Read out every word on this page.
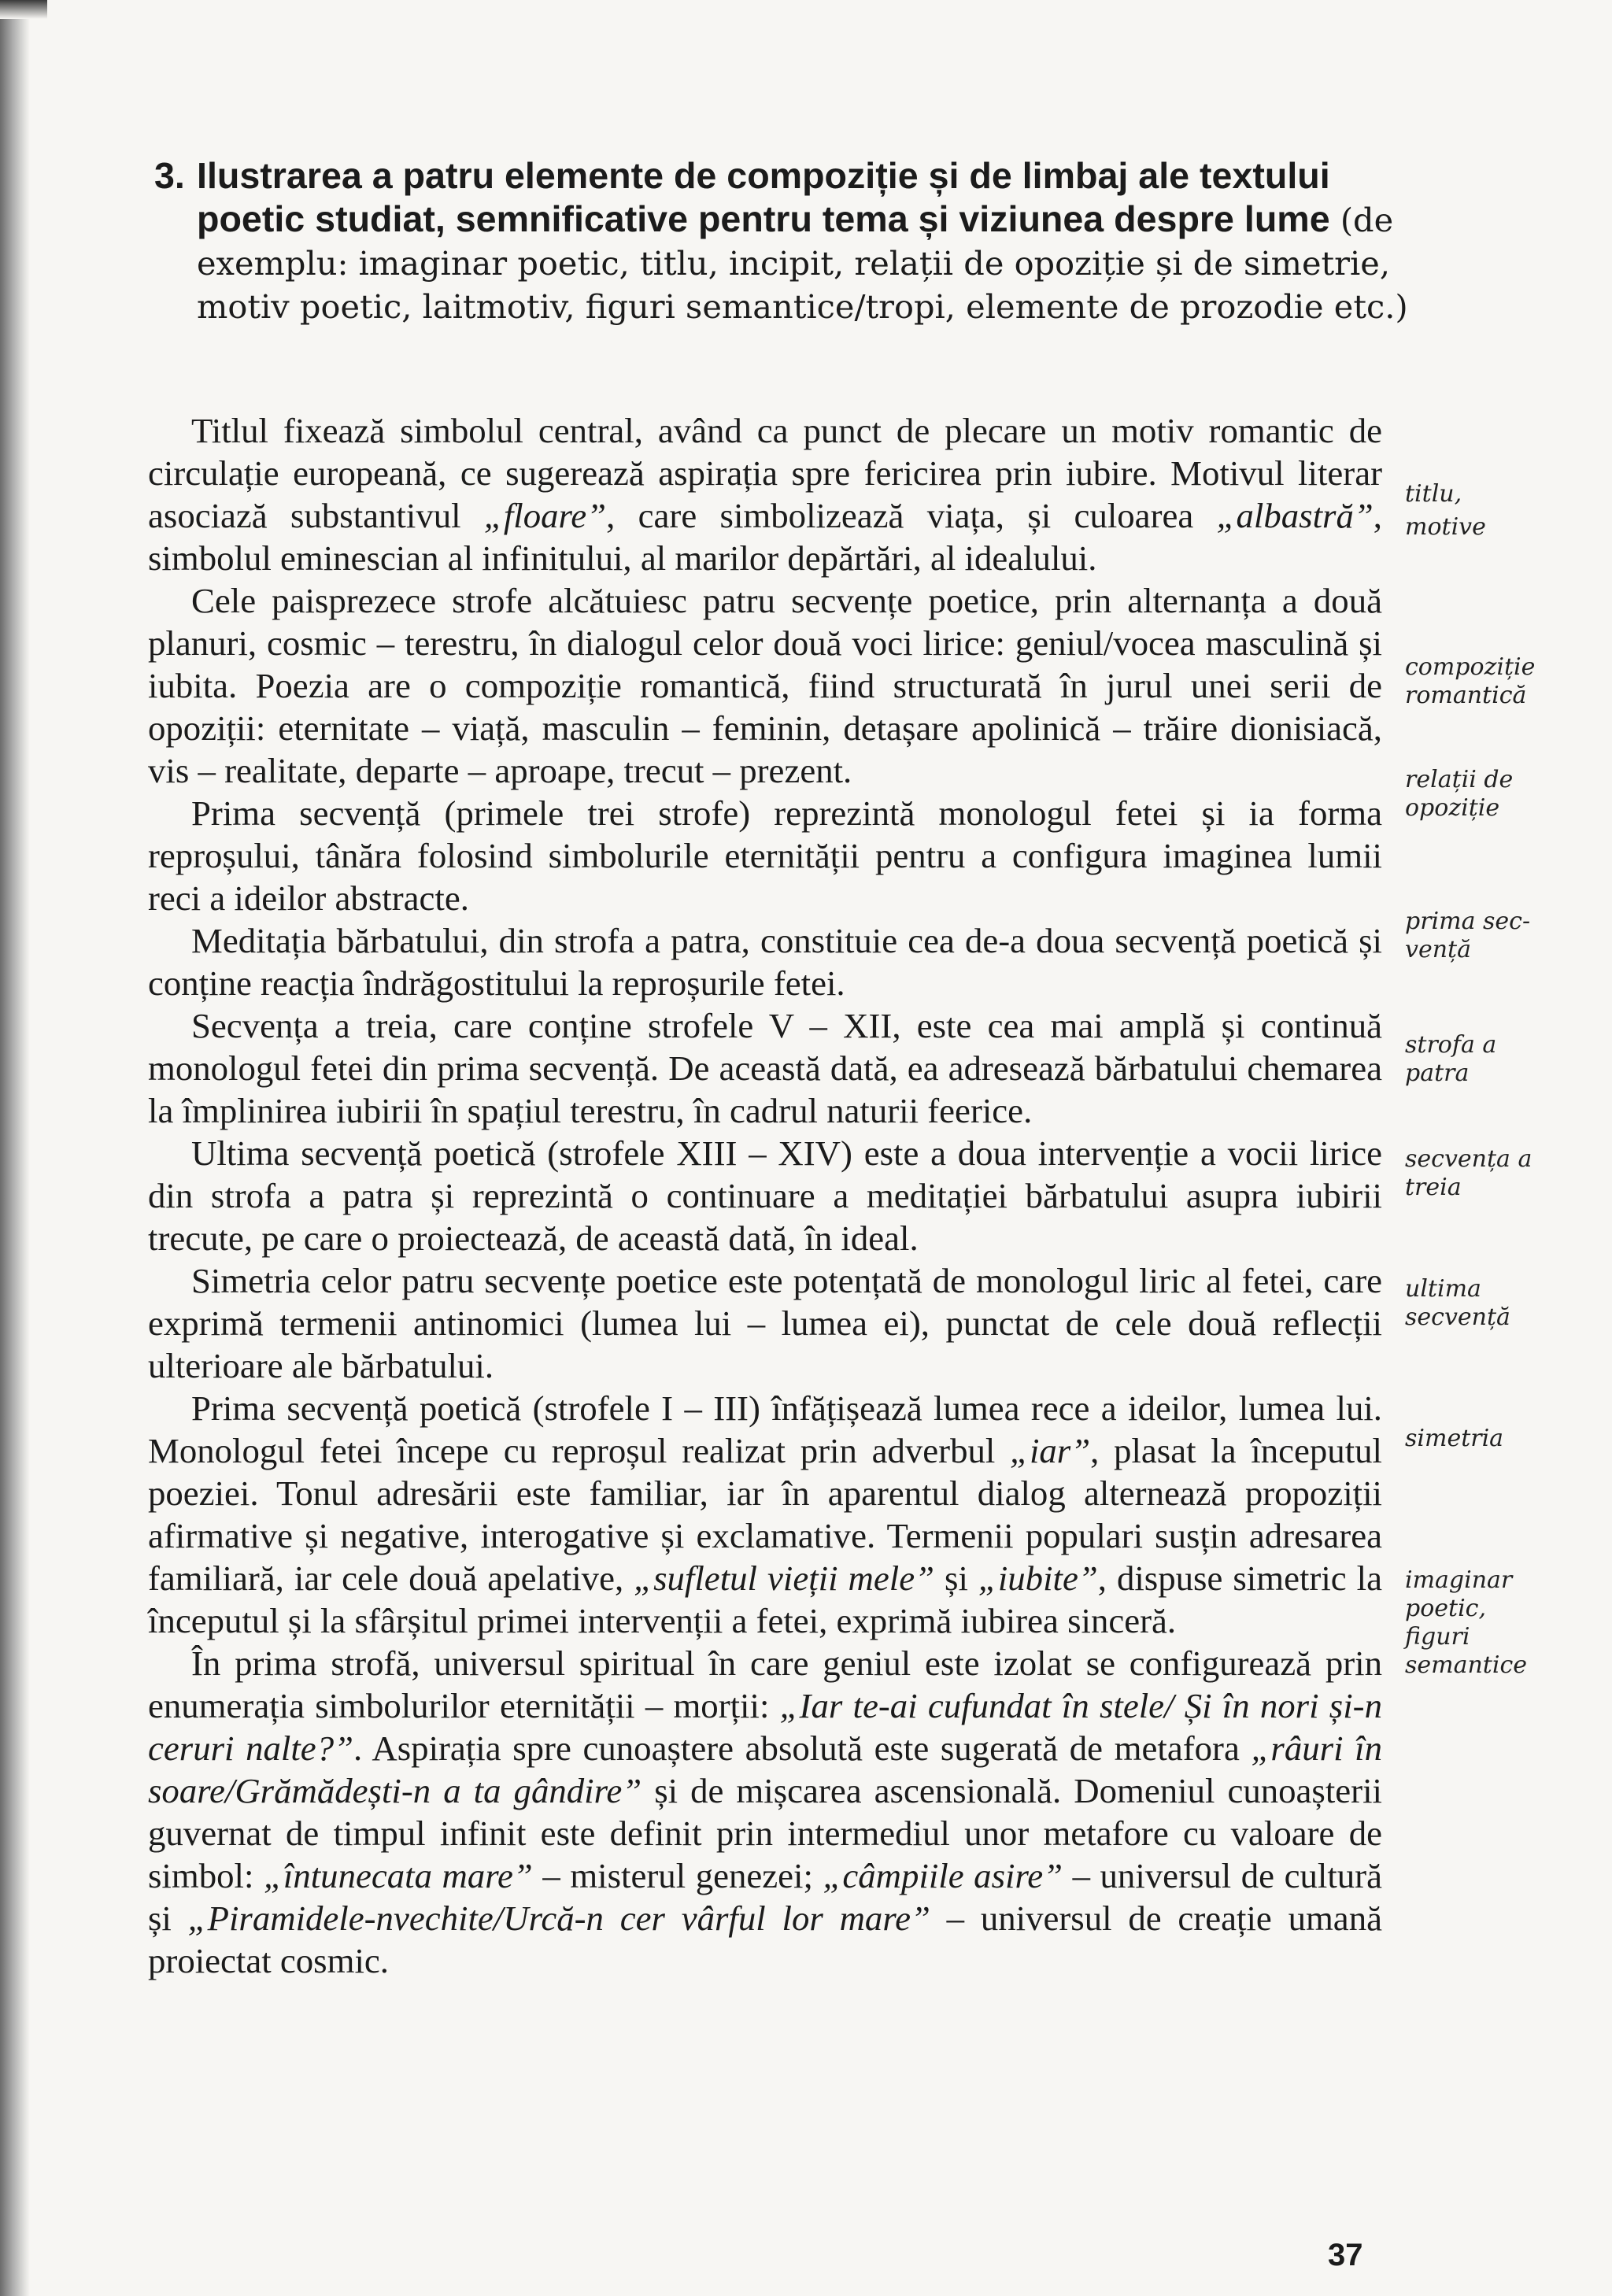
3. Ilustrarea a patru elemente de compoziție și de limbaj ale textului poetic studiat, semnificative pentru tema și viziunea despre lume (de exemplu: imaginar poetic, titlu, incipit, relații de opoziție și de simetrie, motiv poetic, laitmotiv, figuri semantice/tropi, elemente de prozodie etc.)

Titlul fixează simbolul central, având ca punct de plecare un motiv romantic de circulație europeană, ce sugerează aspirația spre fericirea prin iubire. Motivul literar asociază substantivul „floare”, care simbolizează viața, și culoarea „albastră”, simbolul eminescian al infinitului, al marilor depărtări, al idealului.

Cele paisprezece strofe alcătuiesc patru secvențe poetice, prin alternanța a două planuri, cosmic – terestru, în dialogul celor două voci lirice: geniul/vocea masculină și iubita. Poezia are o compoziție romantică, fiind structurată în jurul unei serii de opoziții: eternitate – viață, masculin – feminin, detașare apolinică – trăire dionisiacă, vis – realitate, departe – aproape, trecut – prezent.

Prima secvență (primele trei strofe) reprezintă monologul fetei și ia forma reproșului, tânăra folosind simbolurile eternității pentru a configura imaginea lumii reci a ideilor abstracte.

Meditația bărbatului, din strofa a patra, constituie cea de-a doua secvență poetică și conține reacția îndrăgostitului la reproșurile fetei.

Secvența a treia, care conține strofele V – XII, este cea mai amplă și continuă monologul fetei din prima secvență. De această dată, ea adresează bărbatului chemarea la împlinirea iubirii în spațiul terestru, în cadrul naturii feerice.

Ultima secvență poetică (strofele XIII – XIV) este a doua intervenție a vocii lirice din strofa a patra și reprezintă o continuare a meditației bărbatului asupra iubirii trecute, pe care o proiectează, de această dată, în ideal.

Simetria celor patru secvențe poetice este potențată de monologul liric al fetei, care exprimă termenii antinomici (lumea lui – lumea ei), punctat de cele două reflecții ulterioare ale bărbatului.

Prima secvență poetică (strofele I – III) înfățișează lumea rece a ideilor, lumea lui. Monologul fetei începe cu reproșul realizat prin adverbul „iar”, plasat la începutul poeziei. Tonul adresării este familiar, iar în aparentul dialog alternează propoziții afirmative și negative, interogative și exclamative. Termenii populari susțin adresarea familiară, iar cele două apelative, „sufletul vieții mele” și „iubite”, dispuse simetric la începutul și la sfârșitul primei intervenții a fetei, exprimă iubirea sinceră.

În prima strofă, universul spiritual în care geniul este izolat se configurează prin enumerația simbolurilor eternității – morții: „Iar te-ai cufundat în stele/ Și în nori și-n ceruri nalte?”. Aspirația spre cunoaștere absolută este sugerată de metafora „râuri în soare/Grămădești-n a ta gândire” și de mișcarea ascensională. Domeniul cunoașterii guvernat de timpul infinit este definit prin intermediul unor metafore cu valoare de simbol: „întunecata mare” – misterul genezei; „câmpiile asire” – universul de cultură și „Piramidele-nvechite/Urcă-n cer vârful lor mare” – universul de creație umană proiectat cosmic.

titlu,
motive
compoziție
romantică
relații de
opoziție
prima sec-
vență
strofa a
patra
secvența a
treia
ultima
secvență
simetria
imaginar
poetic,
figuri
semantice
37
